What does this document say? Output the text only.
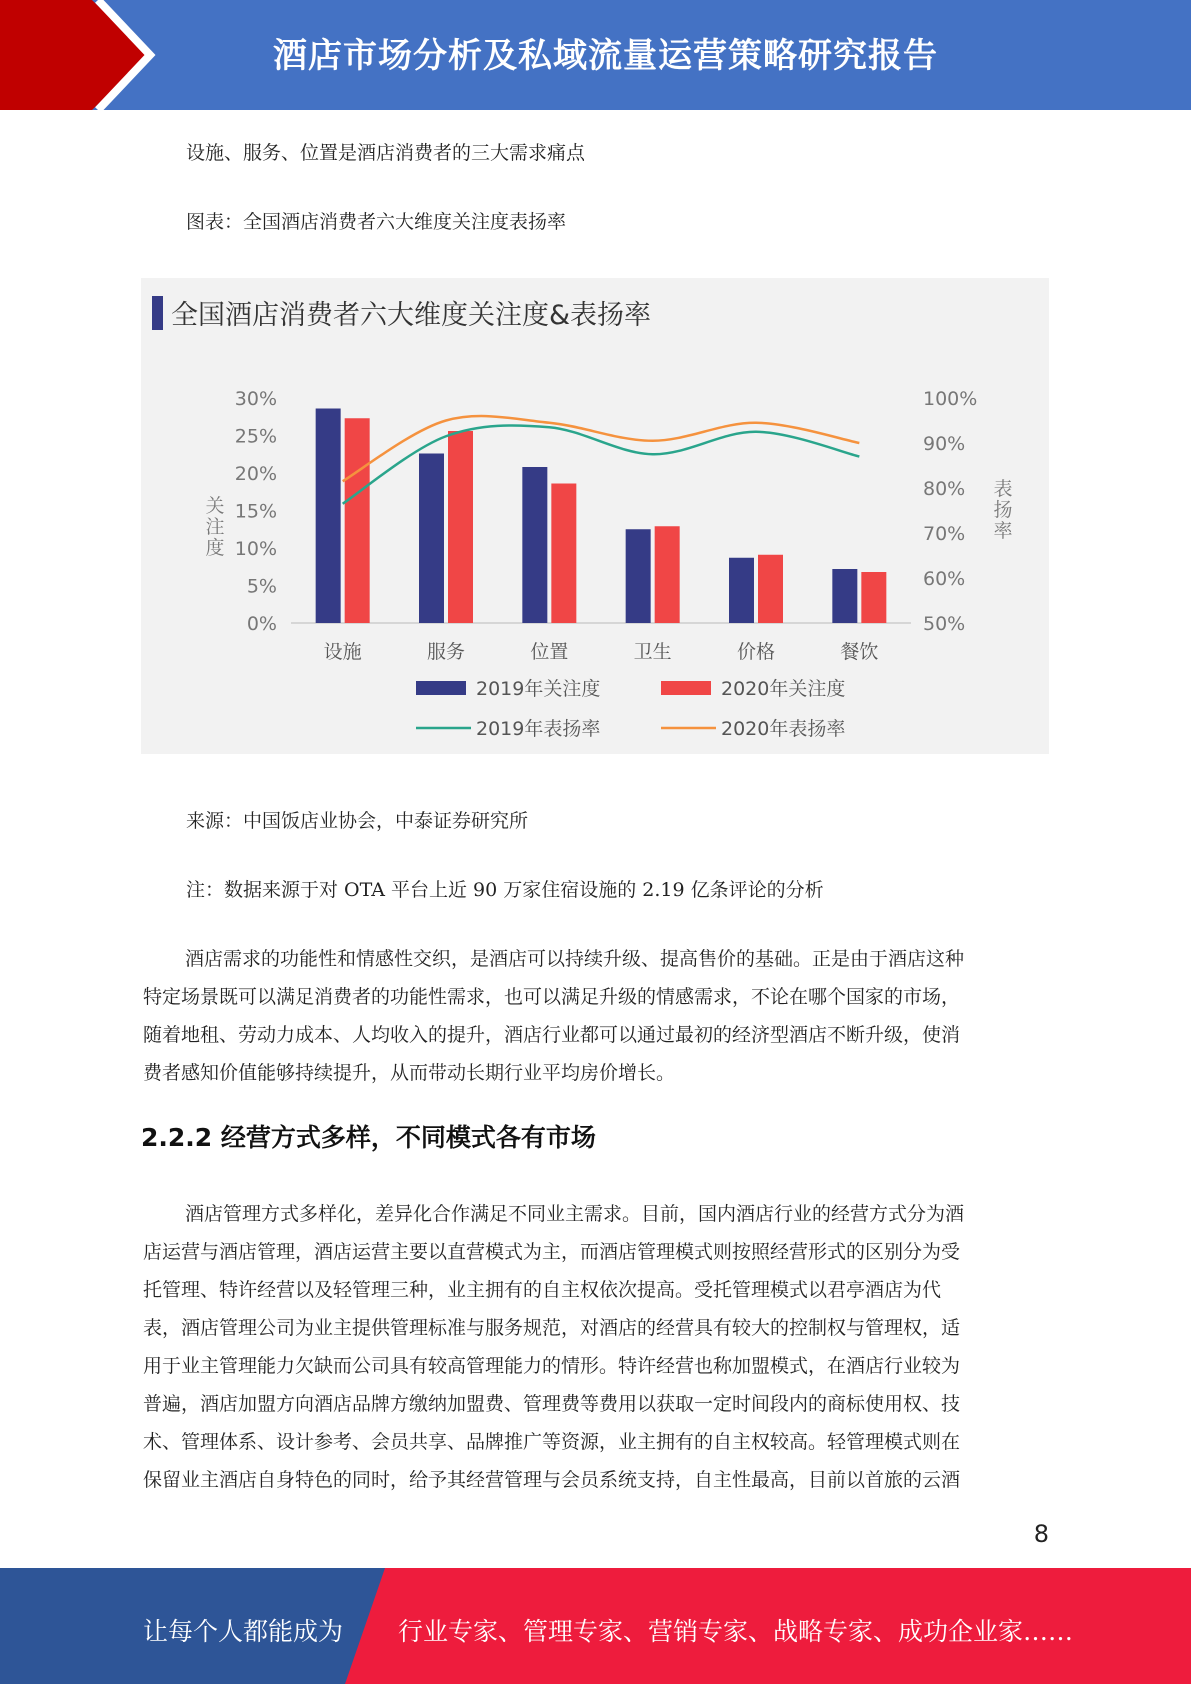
酒店市场分析及私域流量运营策略研究报告
设施、服务、位置是酒店消费者的三大需求痛点
图表：全国酒店消费者六大维度关注度表扬率
全国酒店消费者六大维度关注度&表扬率
0%
5%
10%
15%
20%
25%
30%
50%
60%
70%
80%
90%
100%
关注度
表扬率
设施	服务	位置	卫生	价格	餐饮
2019年关注度	2020年关注度
2019年表扬率	2020年表扬率
来源：中国饭店业协会，中泰证券研究所
注：数据来源于对 OTA 平台上近 90 万家住宿设施的 2.19 亿条评论的分析
酒店需求的功能性和情感性交织，是酒店可以持续升级、提高售价的基础。正是由于酒店这种
特定场景既可以满足消费者的功能性需求，也可以满足升级的情感需求，不论在哪个国家的市场，
随着地租、劳动力成本、人均收入的提升，酒店行业都可以通过最初的经济型酒店不断升级，使消
费者感知价值能够持续提升，从而带动长期行业平均房价增长。
2.2.2 经营方式多样，不同模式各有市场
酒店管理方式多样化，差异化合作满足不同业主需求。目前，国内酒店行业的经营方式分为酒
店运营与酒店管理，酒店运营主要以直营模式为主，而酒店管理模式则按照经营形式的区别分为受
托管理、特许经营以及轻管理三种，业主拥有的自主权依次提高。受托管理模式以君亭酒店为代
表，酒店管理公司为业主提供管理标准与服务规范，对酒店的经营具有较大的控制权与管理权，适
用于业主管理能力欠缺而公司具有较高管理能力的情形。特许经营也称加盟模式，在酒店行业较为
普遍，酒店加盟方向酒店品牌方缴纳加盟费、管理费等费用以获取一定时间段内的商标使用权、技
术、管理体系、设计参考、会员共享、品牌推广等资源，业主拥有的自主权较高。轻管理模式则在
保留业主酒店自身特色的同时，给予其经营管理与会员系统支持，自主性最高，目前以首旅的云酒
8
让每个人都能成为 行业专家、管理专家、营销专家、战略专家、成功企业家……
